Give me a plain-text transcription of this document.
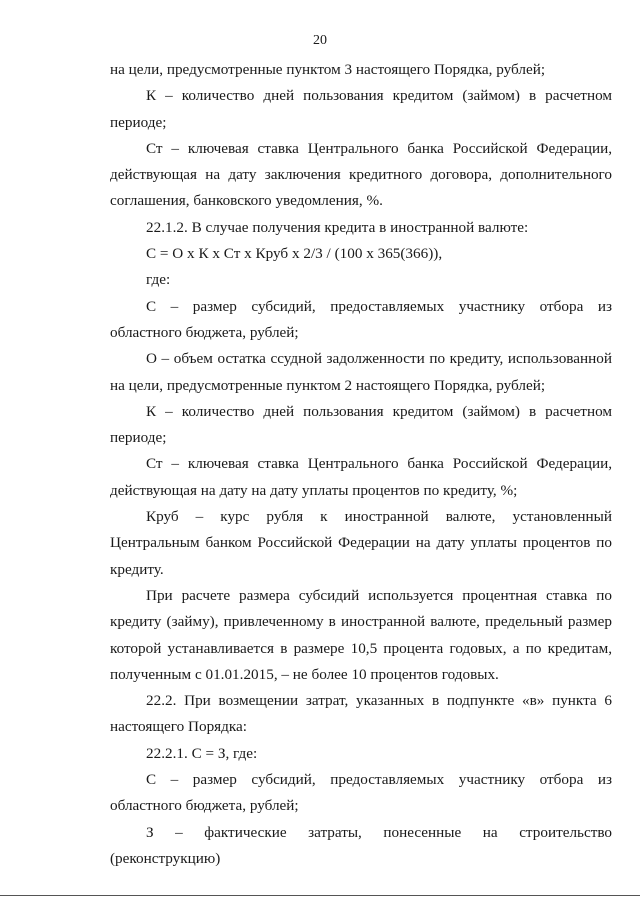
20

на цели, предусмотренные пунктом 3 настоящего Порядка, рублей;

К – количество дней пользования кредитом (займом) в расчетном периоде;

Ст – ключевая ставка Центрального банка Российской Федерации, действующая на дату заключения кредитного договора, дополнительного соглашения, банковского уведомления, %.

22.1.2. В случае получения кредита в иностранной валюте:

С = О х К х Ст х Круб х 2/3 / (100 х 365(366)),

где:

С – размер субсидий, предоставляемых участнику отбора из областного бюджета, рублей;

О – объем остатка ссудной задолженности по кредиту, использованной на цели, предусмотренные пунктом 2 настоящего Порядка, рублей;

К – количество дней пользования кредитом (займом) в расчетном периоде;

Ст – ключевая ставка Центрального банка Российской Федерации, действующая на дату на дату уплаты процентов по кредиту, %;

Круб – курс рубля к иностранной валюте, установленный Центральным банком Российской Федерации на дату уплаты процентов по кредиту.

При расчете размера субсидий используется процентная ставка по кредиту (займу), привлеченному в иностранной валюте, предельный размер которой устанавливается в размере 10,5 процента годовых, а по кредитам, полученным с 01.01.2015, – не более 10 процентов годовых.

22.2. При возмещении затрат, указанных в подпункте «в» пункта 6 настоящего Порядка:

22.2.1. С = З, где:

С – размер субсидий, предоставляемых участнику отбора из областного бюджета, рублей;

З – фактические затраты, понесенные на строительство (реконструкцию)
